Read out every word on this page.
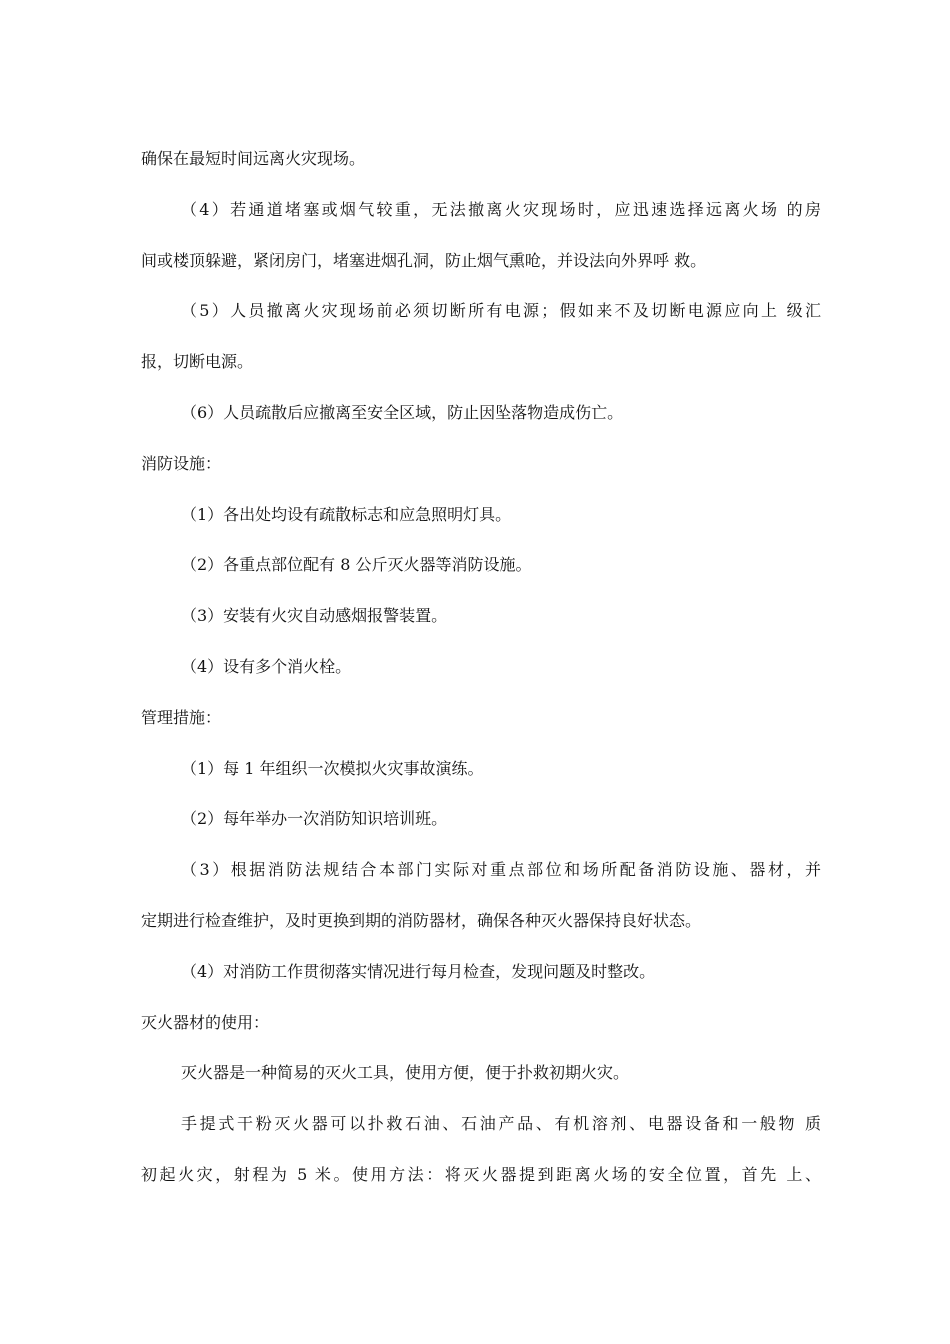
确保在最短时间远离火灾现场。
（4）若通道堵塞或烟气较重，无法撤离火灾现场时，应迅速选择远离火场 的房
间或楼顶躲避，紧闭房门，堵塞进烟孔洞，防止烟气熏呛，并设法向外界呼 救。
（5）人员撤离火灾现场前必须切断所有电源；假如来不及切断电源应向上 级汇
报，切断电源。
（6）人员疏散后应撤离至安全区域，防止因坠落物造成伤亡。
消防设施：
（1）各出处均设有疏散标志和应急照明灯具。
（2）各重点部位配有 8 公斤灭火器等消防设施。
（3）安装有火灾自动感烟报警装置。
（4）设有多个消火栓。
管理措施：
（1）每 1 年组织一次模拟火灾事故演练。
（2）每年举办一次消防知识培训班。
（3）根据消防法规结合本部门实际对重点部位和场所配备消防设施、器材，并
定期进行检查维护，及时更换到期的消防器材，确保各种灭火器保持良好状态。
（4）对消防工作贯彻落实情况进行每月检查，发现问题及时整改。
灭火器材的使用：
灭火器是一种简易的灭火工具，使用方便，便于扑救初期火灾。
手提式干粉灭火器可以扑救石油、石油产品、有机溶剂、电器设备和一般物 质
初起火灾，射程为 5 米。使用方法：将灭火器提到距离火场的安全位置，首先 上、
